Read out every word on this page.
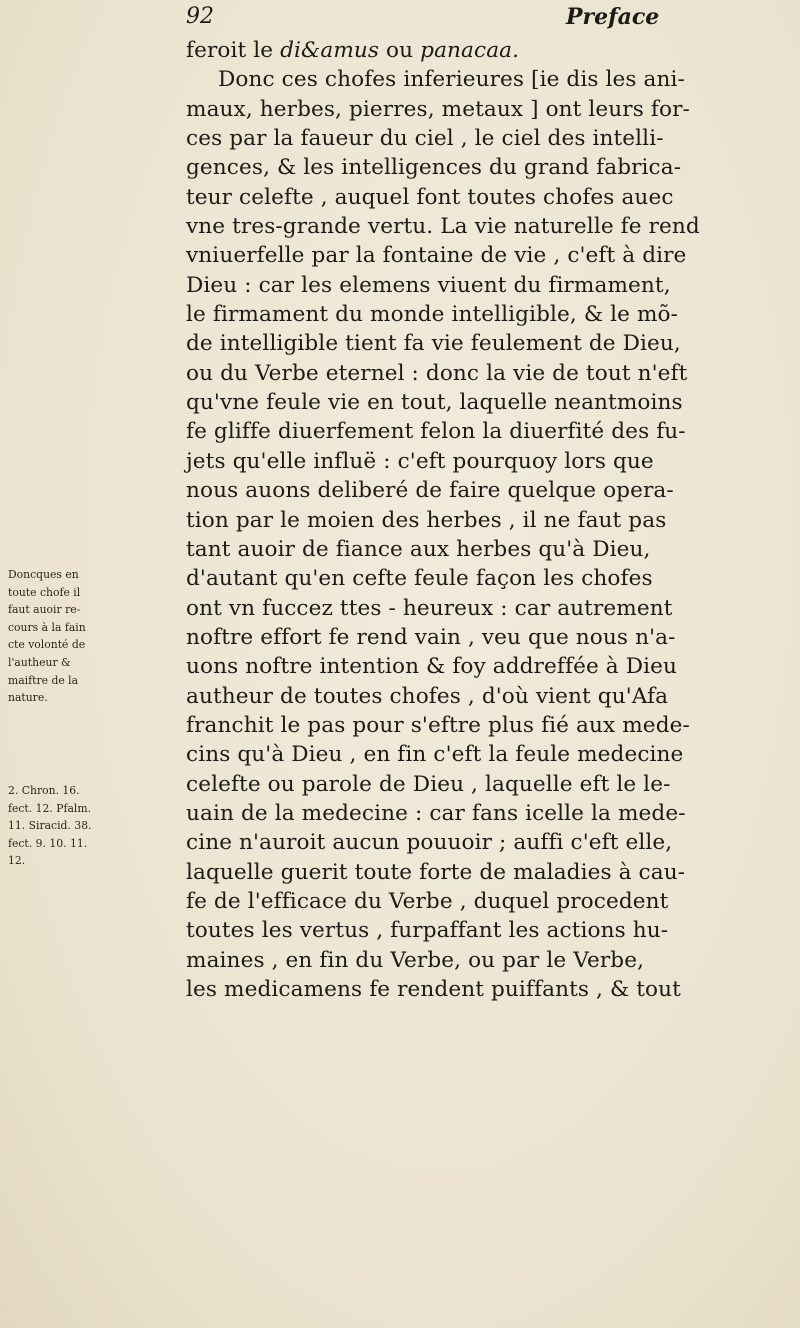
92	Preface
feroit le di&amus ou panacaa.
Donc ces chofes inferieures [ie dis les ani-
maux, herbes, pierres, metaux ] ont leurs for-
ces par la faueur du ciel , le ciel des intelli-
gences, & les intelligences du grand fabrica-
teur celefte , auquel font toutes chofes auec
vne tres-grande vertu. La vie naturelle fe rend
vniuerfelle par la fontaine de vie , c'eft à dire
Dieu : car les elemens viuent du firmament,
le firmament du monde intelligible, & le mõ-
de intelligible tient fa vie feulement de Dieu,
ou du Verbe eternel : donc la vie de tout n'eft
qu'vne feule vie en tout, laquelle neantmoins
fe gliffe diuerfement felon la diuerfité des fu-
jets qu'elle influë : c'eft pourquoy lors que
nous auons deliberé de faire quelque opera-
tion par le moien des herbes , il ne faut pas
tant auoir de fiance aux herbes qu'à Dieu,
d'autant qu'en cefte feule façon les chofes
ont vn fuccez ttes - heureux : car autrement
noftre effort fe rend vain , veu que nous n'a-
uons noftre intention & foy addreffée à Dieu
autheur de toutes chofes , d'où vient qu'Afa
franchit le pas pour s'eftre plus fié aux mede-
cins qu'à Dieu , en fin c'eft la feule medecine
celefte ou parole de Dieu , laquelle eft le le-
uain de la medecine : car fans icelle la mede-
cine n'auroit aucun pouuoir ; auffi c'eft elle,
laquelle guerit toute forte de maladies à cau-
fe de l'efficace du Verbe , duquel procedent
toutes les vertus , furpaffant les actions hu-
maines , en fin du Verbe, ou par le Verbe,
les medicamens fe rendent puiffants , & tout
Doncques en
toute chofe il
faut auoir re-
cours à la fain
cte volonté de
l'autheur &
maiftre de la
nature.
2. Chron. 16.
fect. 12. Pfalm.
11. Siracid. 38.
fect. 9. 10. 11.
12.
